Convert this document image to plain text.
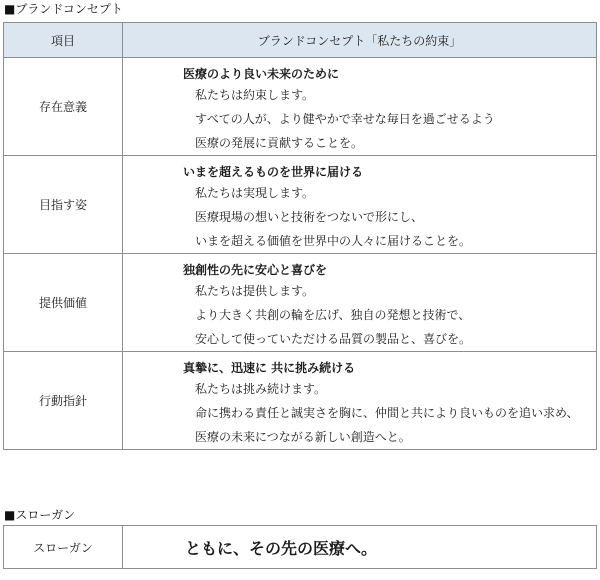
■ブランドコンセプト
項目	ブランドコンセプト「私たちの約束」
存在意義	医療のより良い未来のために
私たちは約束します。
すべての人が、より健やかで幸せな毎日を過ごせるよう
医療の発展に貢献することを。

目指す姿	いまを超えるものを世界に届ける
私たちは実現します。
医療現場の想いと技術をつないで形にし、
いまを超える価値を世界中の人々に届けることを。

提供価値	独創性の先に安心と喜びを
私たちは提供します。
より大きく共創の輪を広げ、独自の発想と技術で、
安心して使っていただける品質の製品と、喜びを。

行動指針	真摯に、迅速に 共に挑み続ける
私たちは挑み続けます。
命に携わる責任と誠実さを胸に、仲間と共により良いものを追い求め、
医療の未来につながる新しい創造へと。
■スローガン
スローガン	ともに、その先の医療へ。
